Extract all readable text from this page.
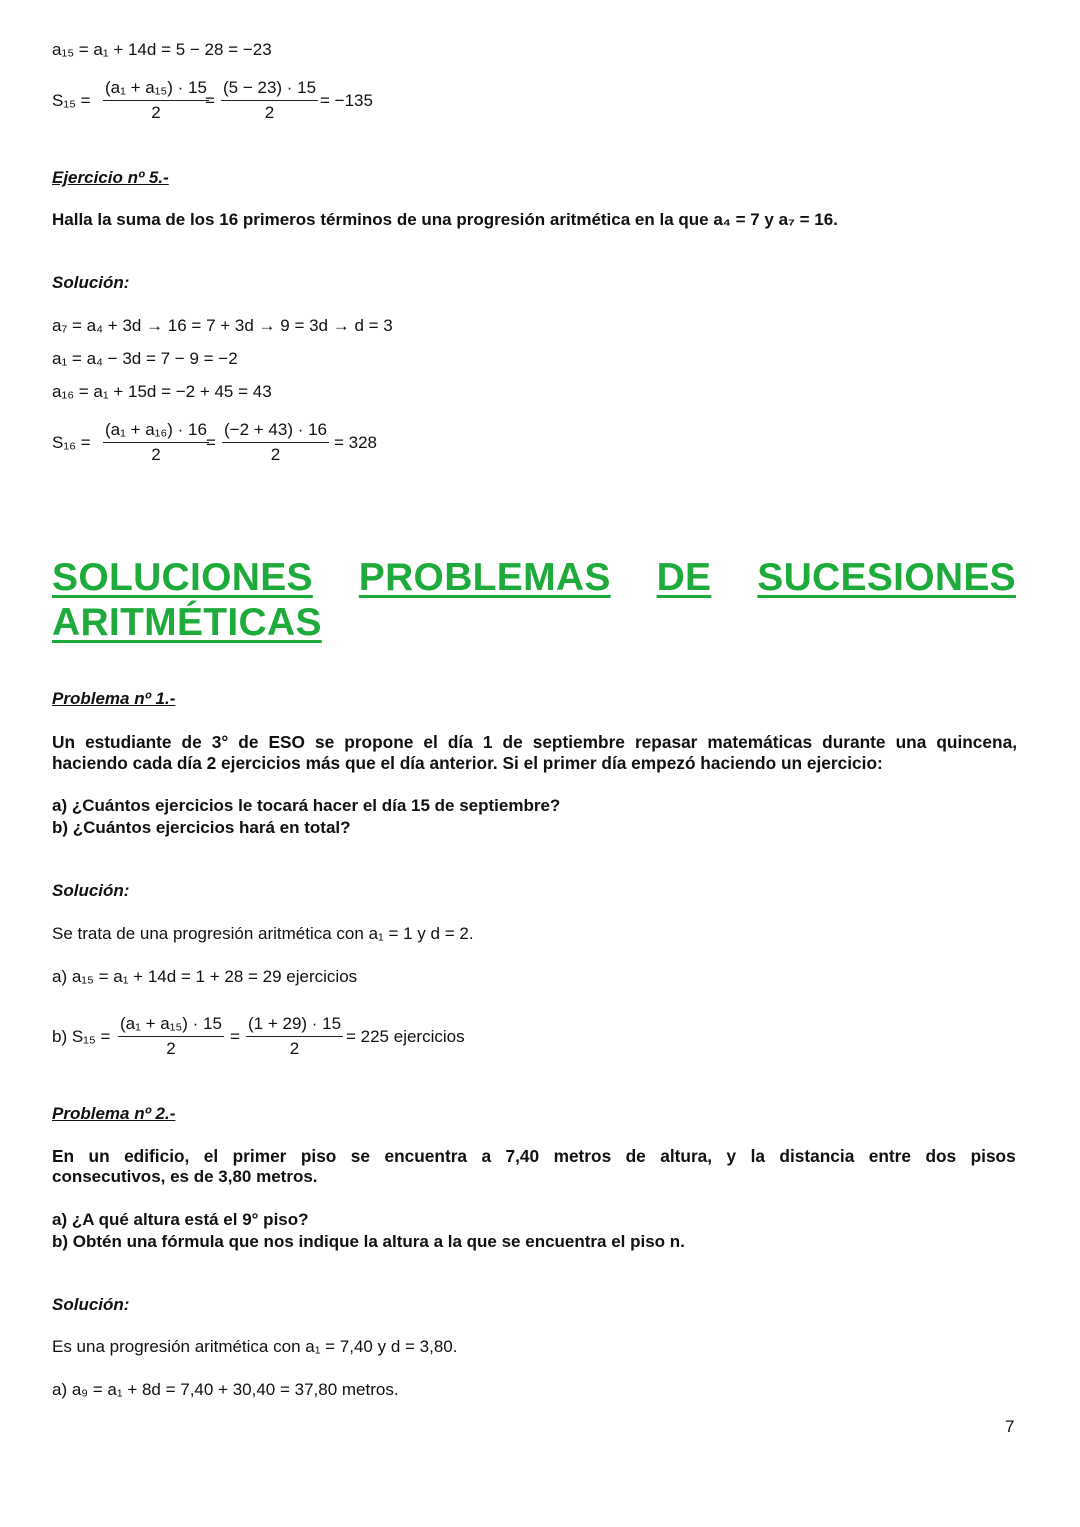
a₁₅ = a₁ + 14d = 5 − 28 = −23
$S_{15} = \frac{\text{(a₁ + a₁₅) · 15}}{2}$
= $\frac{(5 - 23) \cdot 15}{2} = -135$
Ejercicio nº 5.-
Halla la suma de los 16 primeros términos de una progresión aritmética en la que a₄ = 7 y a₇ = 16.
Solución:
a₇ = a₄ + 3d → 16 = 7 + 3d → 9 = 3d → d = 3
a₁ = a₄ − 3d = 7 − 9 = −2
a₁₆ = a₁ + 15d = −2 + 45 = 43
$S_{16} = \frac{\text{(a₁ + a₁₆) · 16}}{2}$
= $\frac{(-2 + 43) \cdot 16}{2} = 328$
SOLUCIONES PROBLEMAS DE SUCESIONES
ARITMÉTICAS
Problema nº 1.-
Un estudiante de 3° de ESO se propone el día 1 de septiembre repasar matemáticas durante una quincena,
haciendo cada día 2 ejercicios más que el día anterior. Si el primer día empezó haciendo un ejercicio:
a) ¿Cuántos ejercicios le tocará hacer el día 15 de septiembre?
b) ¿Cuántos ejercicios hará en total?
Solución:
Se trata de una progresión aritmética con a₁ = 1 y d = 2.
a) a₁₅ = a₁ + 14d = 1 + 28 = 29 ejercicios
b) $S_{15} = \frac{\text{(a₁ + a₁₅) · 15}}{2} = \frac{(1 + 29) \cdot 15}{2} = 225$ ejercicios
Problema nº 2.-
En un edificio, el primer piso se encuentra a 7,40 metros de altura, y la distancia entre dos pisos
consecutivos, es de 3,80 metros.
a) ¿A qué altura está el 9° piso?
b) Obtén una fórmula que nos indique la altura a la que se encuentra el piso n.
Solución:
Es una progresión aritmética con a₁ = 7,40 y d = 3,80.
a) a₉ = a₁ + 8d = 7,40 + 30,40 = 37,80 metros.
7
